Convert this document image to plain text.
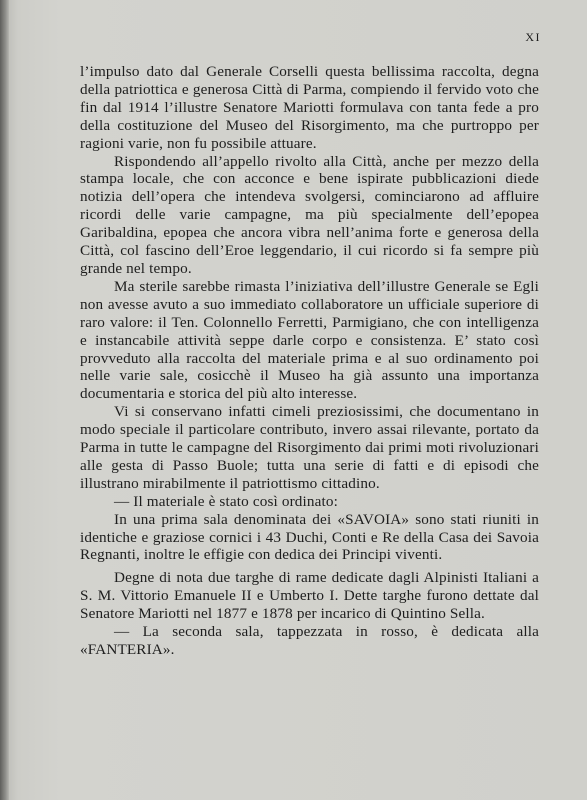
XI

l’impulso dato dal Generale Corselli questa bellissima raccolta, degna della patriottica e generosa Città di Parma, compiendo il fervido voto che fin dal 1914 l’illustre Senatore Mariotti formulava con tanta fede a pro della costituzione del Museo del Risorgimento, ma che purtroppo per ragioni varie, non fu possibile attuare.

Rispondendo all’appello rivolto alla Città, anche per mezzo della stampa locale, che con acconce e bene ispirate pubblicazioni diede notizia dell’opera che intendeva svolgersi, cominciarono ad affluire ricordi delle varie campagne, ma più specialmente dell’epopea Garibaldina, epopea che ancora vibra nell’anima forte e generosa della Città, col fascino dell’Eroe leggendario, il cui ricordo si fa sempre più grande nel tempo.

Ma sterile sarebbe rimasta l’iniziativa dell’illustre Generale se Egli non avesse avuto a suo immediato collaboratore un ufficiale superiore di raro valore: il Ten. Colonnello Ferretti, Parmigiano, che con intelligenza e instancabile attività seppe darle corpo e consistenza. E’ stato così provveduto alla raccolta del materiale prima e al suo ordinamento poi nelle varie sale, cosicchè il Museo ha già assunto una importanza documentaria e storica del più alto interesse.

Vi si conservano infatti cimeli preziosissimi, che documentano in modo speciale il particolare contributo, invero assai rilevante, portato da Parma in tutte le campagne del Risorgimento dai primi moti rivoluzionari alle gesta di Passo Buole; tutta una serie di fatti e di episodi che illustrano mirabilmente il patriottismo cittadino.

— Il materiale è stato così ordinato:

In una prima sala denominata dei «SAVOIA» sono stati riuniti in identiche e graziose cornici i 43 Duchi, Conti e Re della Casa dei Savoia Regnanti, inoltre le effigie con dedica dei Principi viventi.

Degne di nota due targhe di rame dedicate dagli Alpinisti Italiani a S. M. Vittorio Emanuele II e Umberto I. Dette targhe furono dettate dal Senatore Mariotti nel 1877 e 1878 per incarico di Quintino Sella.

— La seconda sala, tappezzata in rosso, è dedicata alla «FANTERIA».
